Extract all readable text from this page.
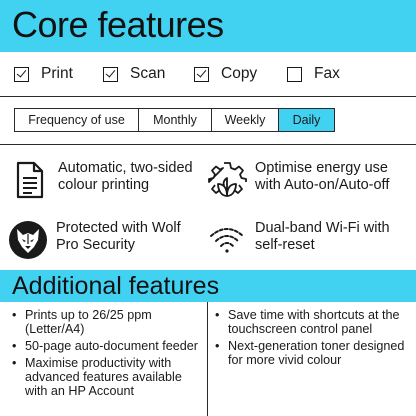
Core features
Print	Scan	Copy	Fax
Frequency of use	Monthly	Weekly	Daily
Automatic, two-sided colour printing
Optimise energy use with Auto-on/Auto-off
Protected with Wolf Pro Security
Dual-band Wi-Fi with self-reset
Additional features
• Prints up to 26/25 ppm (Letter/A4)
• 50-page auto-document feeder
• Maximise productivity with advanced features available with an HP Account
• Save time with shortcuts at the touchscreen control panel
• Next-generation toner designed for more vivid colour
